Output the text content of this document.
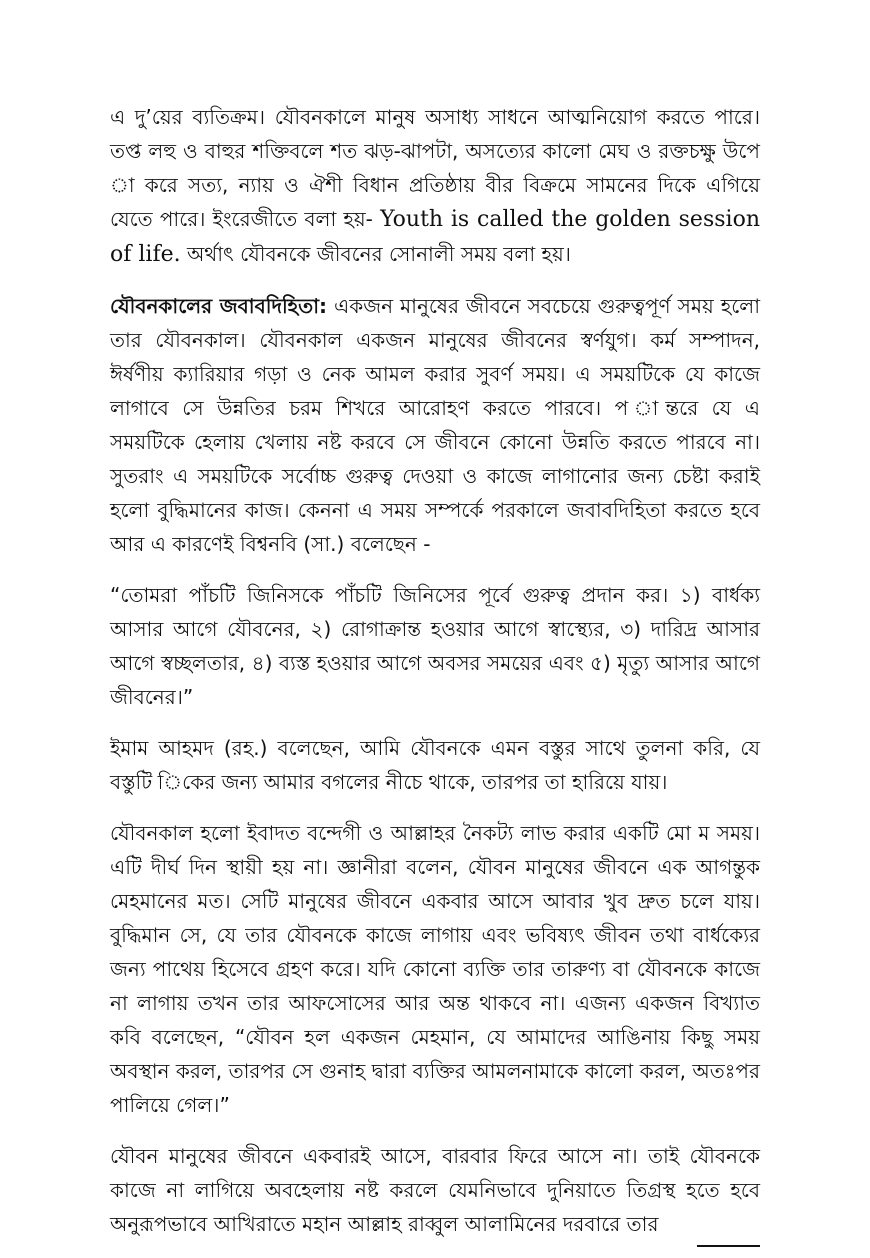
এ দু’য়ের ব্যতিক্রম। যৌবনকালে মানুষ অসাধ্য সাধনে আত্মনিয়োগ করতে পারে। তপ্ত লহু ও বাহুর শক্তিবলে শত ঝড়-ঝাপটা, অসত্যের কালো মেঘ ও রক্তচক্ষু উপে া করে সত্য, ন্যায় ও ঐশী বিধান প্রতিষ্ঠায় বীর বিক্রমে সামনের দিকে এগিয়ে যেতে পারে। ইংরেজীতে বলা হয়- Youth is called the golden session of life. অর্থাৎ যৌবনকে জীবনের সোনালী সময় বলা হয়।

যৌবনকালের জবাবদিহিতা: একজন মানুষের জীবনে সবচেয়ে গুরুত্বপূর্ণ সময় হলো তার যৌবনকাল। যৌবনকাল একজন মানুষের জীবনের স্বর্ণযুগ। কর্ম সম্পাদন, ঈর্ষণীয় ক্যারিয়ার গড়া ও নেক আমল করার সুবর্ণ সময়। এ সময়টিকে যে কাজে লাগাবে সে উন্নতির চরম শিখরে আরোহণ করতে পারবে। প ান্তরে যে এ সময়টিকে হেলায় খেলায় নষ্ট করবে সে জীবনে কোনো উন্নতি করতে পারবে না। সুতরাং এ সময়টিকে সর্বোচ্চ গুরুত্ব দেওয়া ও কাজে লাগানোর জন্য চেষ্টা করাই হলো বুদ্ধিমানের কাজ। কেননা এ সময় সম্পর্কে পরকালে জবাবদিহিতা করতে হবে আর এ কারণেই বিশ্বনবি (সা.) বলেছেন -

“তোমরা পাঁচটি জিনিসকে পাঁচটি জিনিসের পূর্বে গুরুত্ব প্রদান কর। ১) বার্ধক্য আসার আগে যৌবনের, ২) রোগাক্রান্ত হওয়ার আগে স্বাস্থ্যের, ৩) দারিদ্র আসার আগে স্বচ্ছলতার, ৪) ব্যস্ত হওয়ার আগে অবসর সময়ের এবং ৫) মৃত্যু আসার আগে জীবনের।”

ইমাম আহমদ (রহ.) বলেছেন, আমি যৌবনকে এমন বস্তুর সাথে তুলনা করি, যে বস্তুটি িকের জন্য আমার বগলের নীচে থাকে, তারপর তা হারিয়ে যায়।

যৌবনকাল হলো ইবাদত বন্দেগী ও আল্লাহর নৈকট্য লাভ করার একটি মো ম সময়। এটি দীর্ঘ দিন স্থায়ী হয় না। জ্ঞানীরা বলেন, যৌবন মানুষের জীবনে এক আগন্তুক মেহমানের মত। সেটি মানুষের জীবনে একবার আসে আবার খুব দ্রুত চলে যায়। বুদ্ধিমান সে, যে তার যৌবনকে কাজে লাগায় এবং ভবিষ্যৎ জীবন তথা বার্ধক্যের জন্য পাথেয় হিসেবে গ্রহণ করে। যদি কোনো ব্যক্তি তার তারুণ্য বা যৌবনকে কাজে না লাগায় তখন তার আফসোসের আর অন্ত থাকবে না। এজন্য একজন বিখ্যাত কবি বলেছেন, “যৌবন হল একজন মেহমান, যে আমাদের আঙিনায় কিছু সময় অবস্থান করল, তারপর সে গুনাহ দ্বারা ব্যক্তির আমলনামাকে কালো করল, অতঃপর পালিয়ে গেল।”

যৌবন মানুষের জীবনে একবারই আসে, বারবার ফিরে আসে না। তাই যৌবনকে কাজে না লাগিয়ে অবহেলায় নষ্ট করলে যেমনিভাবে দুনিয়াতে তিগ্রস্থ হতে হবে অনুরূপভাবে আখিরাতে মহান আল্লাহ রাব্বুল আলামিনের দরবারে তার
